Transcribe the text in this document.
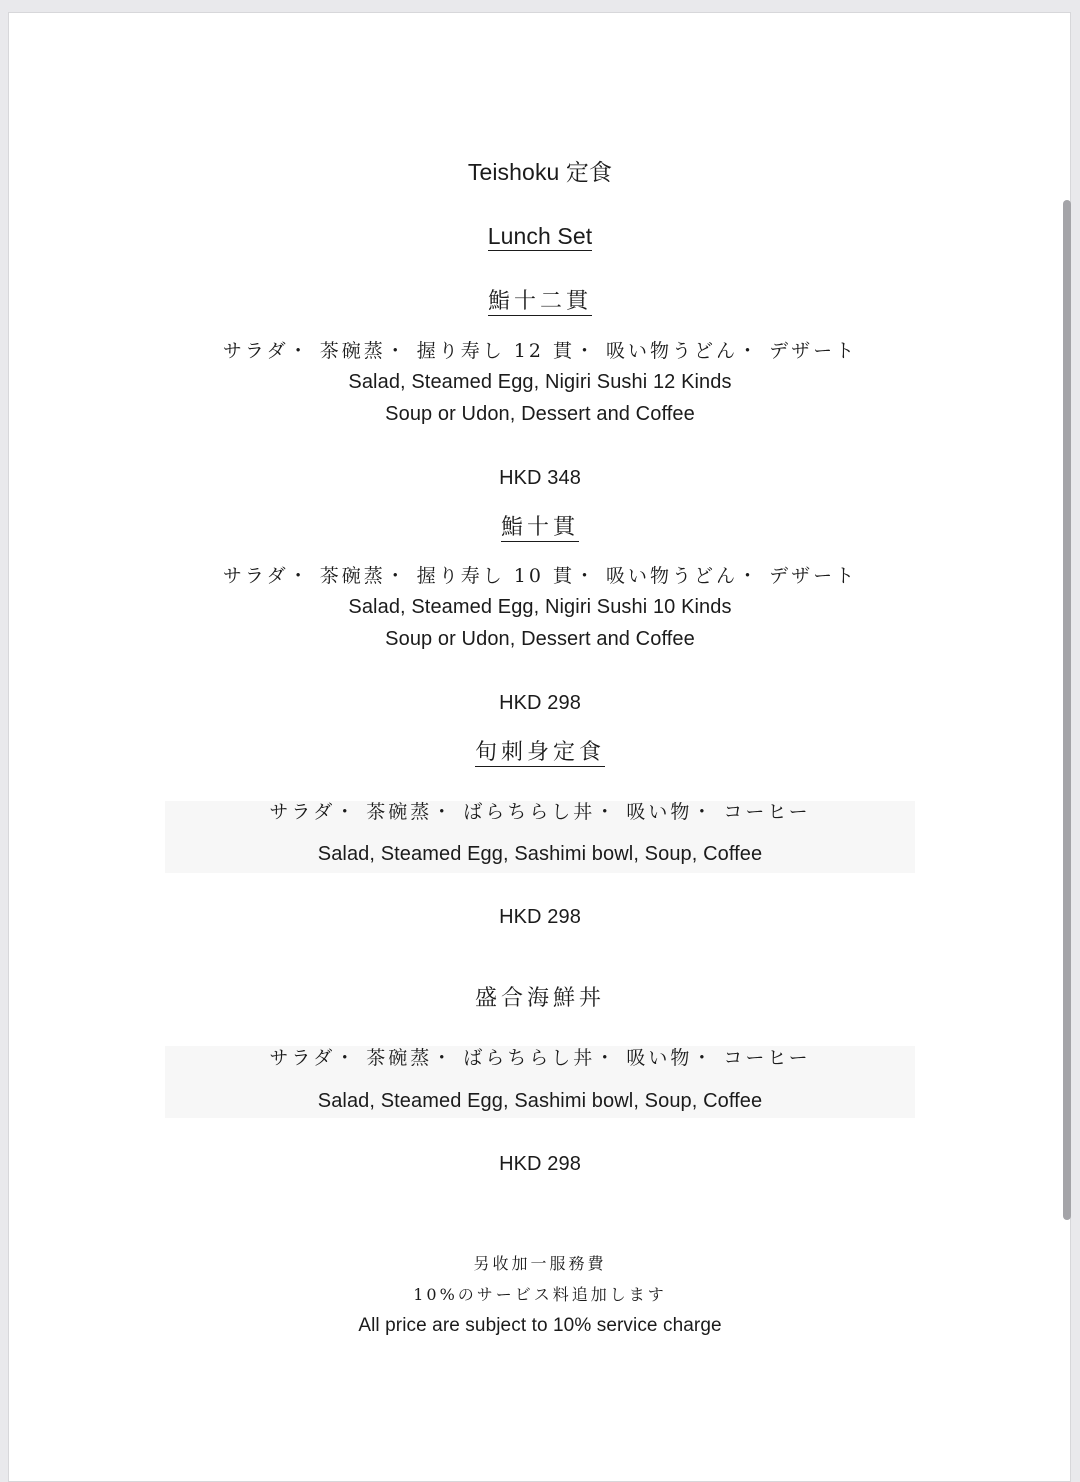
Teishoku 定食
Lunch Set
鮨十二貫
サラダ・ 茶碗蒸・ 握り寿し 12 貫・ 吸い物うどん・ デザート
Salad, Steamed Egg, Nigiri Sushi 12 Kinds
Soup or Udon, Dessert and Coffee
HKD 348
鮨十貫
サラダ・ 茶碗蒸・ 握り寿し 10 貫・ 吸い物うどん・ デザート
Salad, Steamed Egg, Nigiri Sushi 10 Kinds
Soup or Udon, Dessert and Coffee
HKD 298
旬刺身定食
サラダ・ 茶碗蒸・ ばらちらし丼・ 吸い物・ コーヒー
Salad, Steamed Egg, Sashimi bowl, Soup, Coffee
HKD 298
盛合海鮮丼
サラダ・ 茶碗蒸・ ばらちらし丼・ 吸い物・ コーヒー
Salad, Steamed Egg, Sashimi bowl, Soup, Coffee
HKD 298
另收加一服務費
10%のサービス料追加します
All price are subject to 10% service charge
